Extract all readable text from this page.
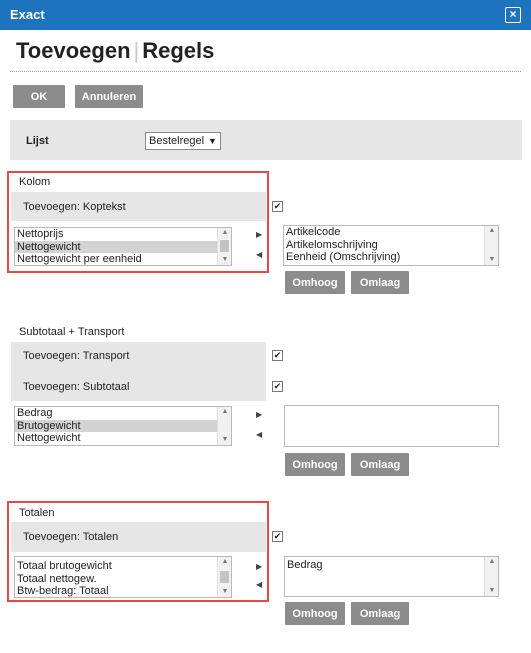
Exact	×
Toevoegen | Regels
OK	Annuleren
Lijst	Bestelregel ▼
Kolom
Toevoegen: Koptekst	✔
Nettoprijs
Nettogewicht
Nettogewicht per eenheid
▲
▼
▶
◀
Artikelcode
Artikelomschrijving
Eenheid (Omschrijving)
▲
▼
Omhoog	Omlaag
Subtotaal + Transport
Toevoegen: Transport	✔
Toevoegen: Subtotaal	✔
Bedrag
Brutogewicht
Nettogewicht
▲
▼
▶
◀
Omhoog	Omlaag
Totalen
Toevoegen: Totalen	✔
Totaal brutogewicht
Totaal nettogew.
Btw-bedrag: Totaal
▲
▼
▶
◀
Bedrag	▲
▼
Omhoog	Omlaag
